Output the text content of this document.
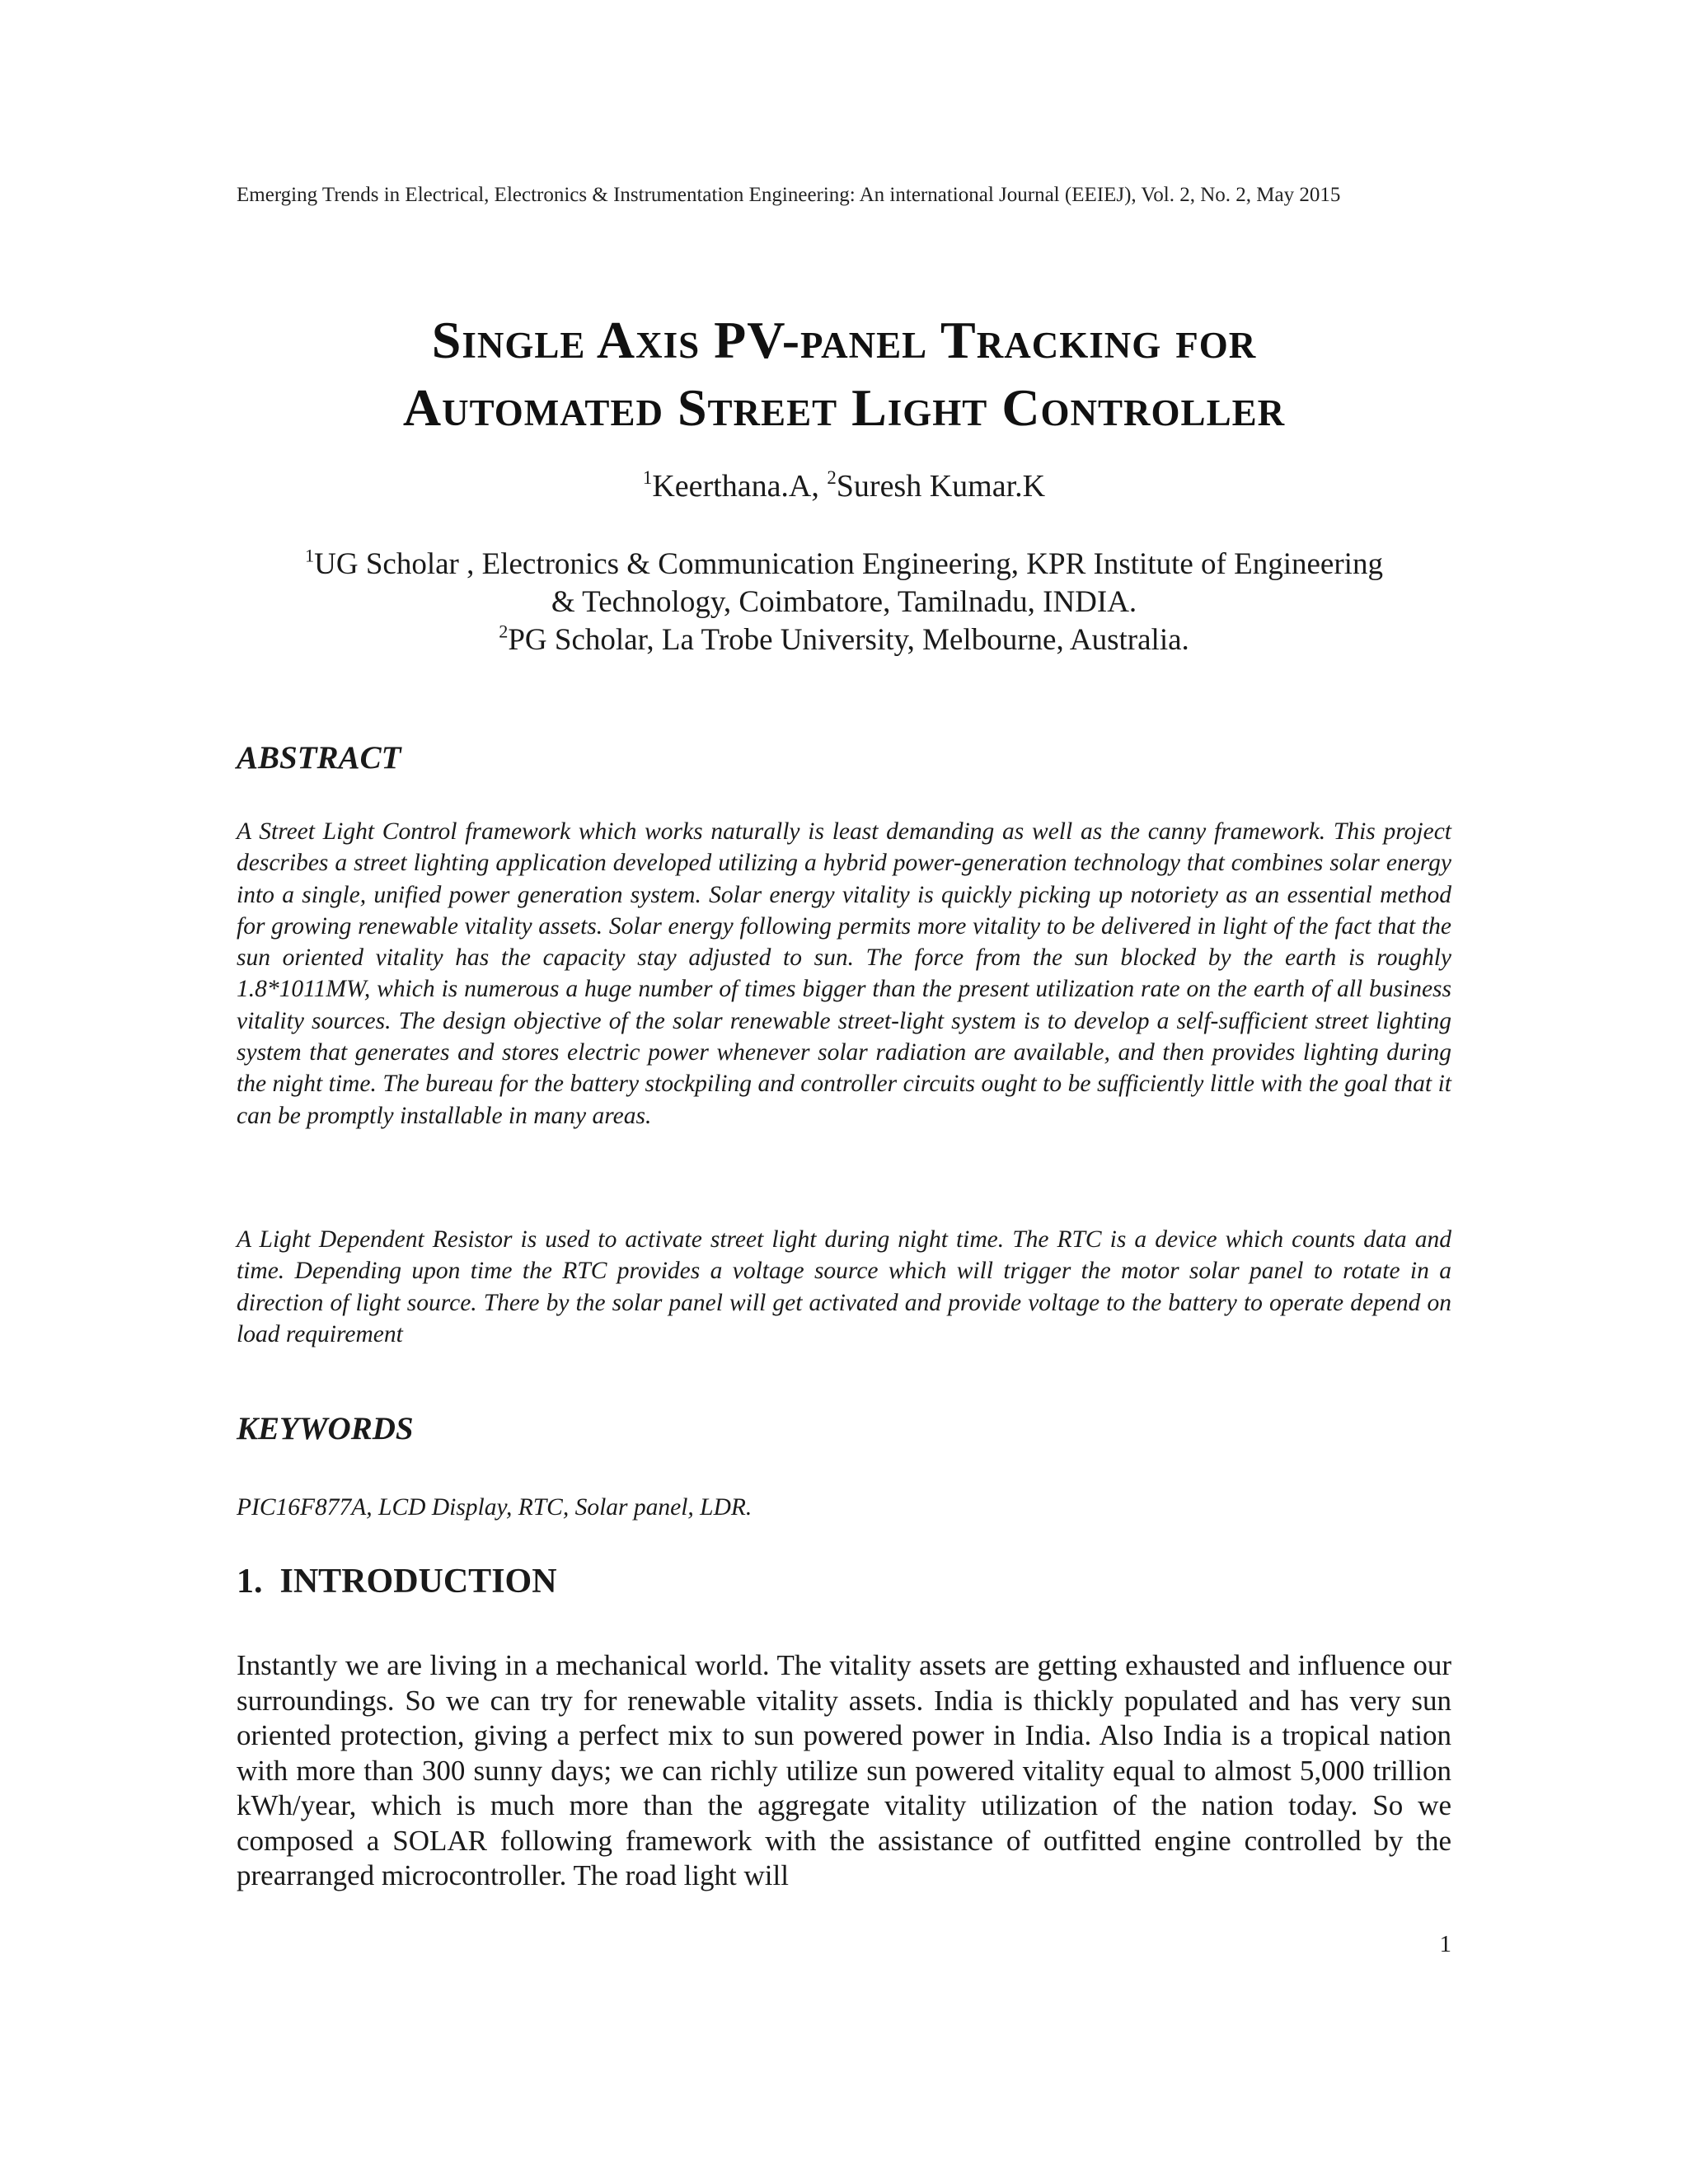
Emerging Trends in Electrical, Electronics & Instrumentation Engineering: An international Journal (EEIEJ), Vol. 2, No. 2, May 2015
Single Axis PV-panel Tracking for
Automated Street Light Controller
$^1$Keerthana.A, $^2$Suresh Kumar.K
$^1$UG Scholar , Electronics & Communication Engineering, KPR Institute of Engineering
& Technology, Coimbatore, Tamilnadu, INDIA.
$^2$PG Scholar, La Trobe University, Melbourne, Australia.
ABSTRACT

A Street Light Control framework which works naturally is least demanding as well as the canny framework. This project describes a street lighting application developed utilizing a hybrid power-generation technology that combines solar energy into a single, unified power generation system. Solar energy vitality is quickly picking up notoriety as an essential method for growing renewable vitality assets. Solar energy following permits more vitality to be delivered in light of the fact that the sun oriented vitality has the capacity stay adjusted to sun. The force from the sun blocked by the earth is roughly 1.8*1011MW, which is numerous a huge number of times bigger than the present utilization rate on the earth of all business vitality sources. The design objective of the solar renewable street-light system is to develop a self-sufficient street lighting system that generates and stores electric power whenever solar radiation are available, and then provides lighting during the night time. The bureau for the battery stockpiling and controller circuits ought to be sufficiently little with the goal that it can be promptly installable in many areas.

A Light Dependent Resistor is used to activate street light during night time. The RTC is a device which counts data and time. Depending upon time the RTC provides a voltage source which will trigger the motor solar panel to rotate in a direction of light source. There by the solar panel will get activated and provide voltage to the battery to operate depend on load requirement

KEYWORDS
PIC16F877A, LCD Display, RTC, Solar panel, LDR.
1.  INTRODUCTION

Instantly we are living in a mechanical world. The vitality assets are getting exhausted and influence our surroundings. So we can try for renewable vitality assets. India is thickly populated and has very sun oriented protection, giving a perfect mix to sun powered power in India. Also India is a tropical nation with more than 300 sunny days; we can richly utilize sun powered vitality equal to almost 5,000 trillion kWh/year, which is much more than the aggregate vitality utilization of the nation today. So we composed a SOLAR following framework with the assistance of outfitted engine controlled by the prearranged microcontroller. The road light will

1
